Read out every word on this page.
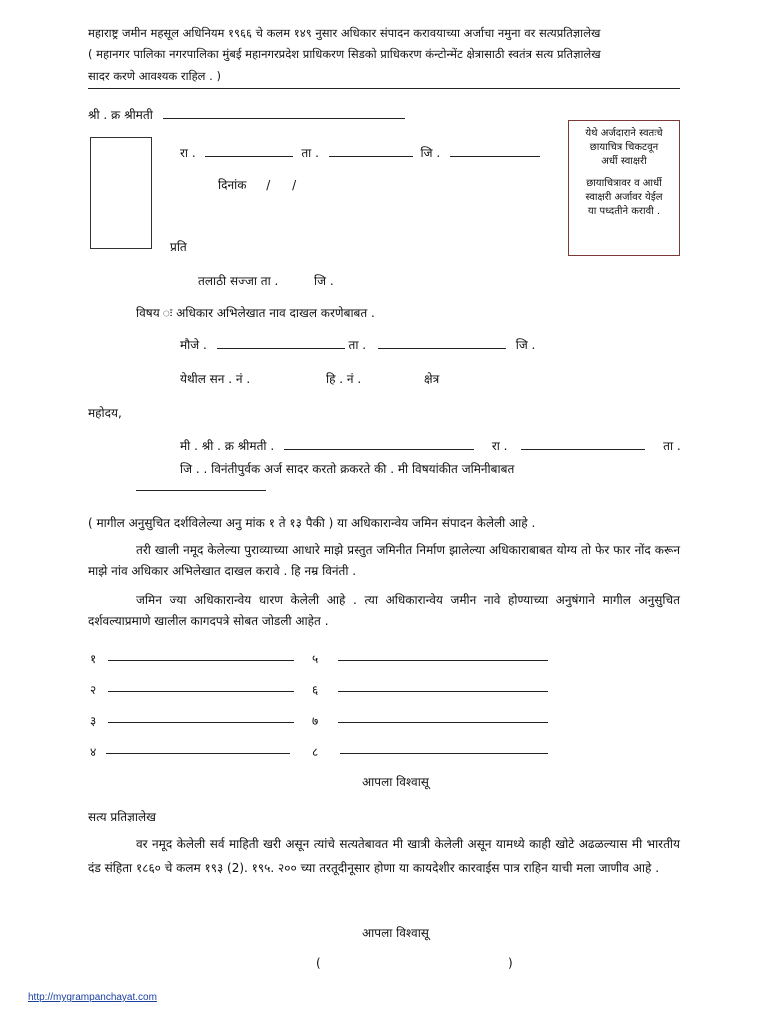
महाराष्ट्र जमीन महसूल अधिनियम १९६६ चे कलम १४९ नुसार अधिकार संपादन करावयाच्या अर्जाचा नमुना वर सत्यप्रतिज्ञालेख
( महानगर पालिका नगरपालिका मुंबई महानगरप्रदेश प्राधिकरण सिडको प्राधिकरण कंन्टोन्मेंट क्षेत्रासाठी स्वतंत्र सत्य प्रतिज्ञालेख
सादर करणे आवश्यक राहिल . )
श्री . क्र श्रीमती
रा .	ता .	जि .
दिनांक / /
येथे अर्जदाराने स्वतःचे
छायाचित्र चिकटवून
अर्धी स्वाक्षरी
छायाचित्रावर व आर्धी
स्वाक्षरी अर्जावर येईल
या पध्दतीने करावी .
प्रति
तलाठी सज्जा ता .	जि .
विषय ः अधिकार अभिलेखात नाव दाखल करणेबाबत .
मौजे .	ता .	जि .
येथील सन . नं .	हि . नं .	क्षेत्र
महोदय,
मी . श्री . क्र श्रीमती .	रा .	ता .
जि . . विनंतीपुर्वक अर्ज सादर करतो क्रकरते की . मी विषयांकीत जमिनीबाबत
( मागील अनुसुचित दर्शविलेल्या अनु मांक १ ते १३ पैकी ) या अधिकारान्वेय जमिन संपादन केलेली आहे .
तरी खाली नमूद केलेल्या पुराव्याच्या आधारे माझे प्रस्तुत जमिनीत निर्माण झालेल्या अधिकाराबाबत योग्य तो फेर फार नोंद करून माझे नांव अधिकार अभिलेखात दाखल करावे . हि नम्र विनंती .
जमिन ज्या अधिकारान्वेय धारण केलेली आहे . त्या अधिकारान्वेय जमीन नावे होण्याच्या अनुषंगाने मागील अनुसुचित दर्शवल्याप्रमाणे खालील कागदपत्रे सोबत जोडली आहेत .
१	५
२	६
३	७
४	८
आपला विश्वासू
सत्य प्रतिज्ञालेख
वर नमूद केलेली सर्व माहिती खरी असून त्यांचे सत्यतेबावत मी खात्री केलेली असून यामध्ये काही खोटे अढळल्यास मी भारतीय दंड संहिता १८६० चे कलम १९३ (2). १९५. २०० च्या तरतूदीनूसार होणा या कायदेशीर कारवाईस पात्र राहिन याची मला जाणीव आहे .
आपला विश्वासू
(	)
http://mygrampanchayat.com
